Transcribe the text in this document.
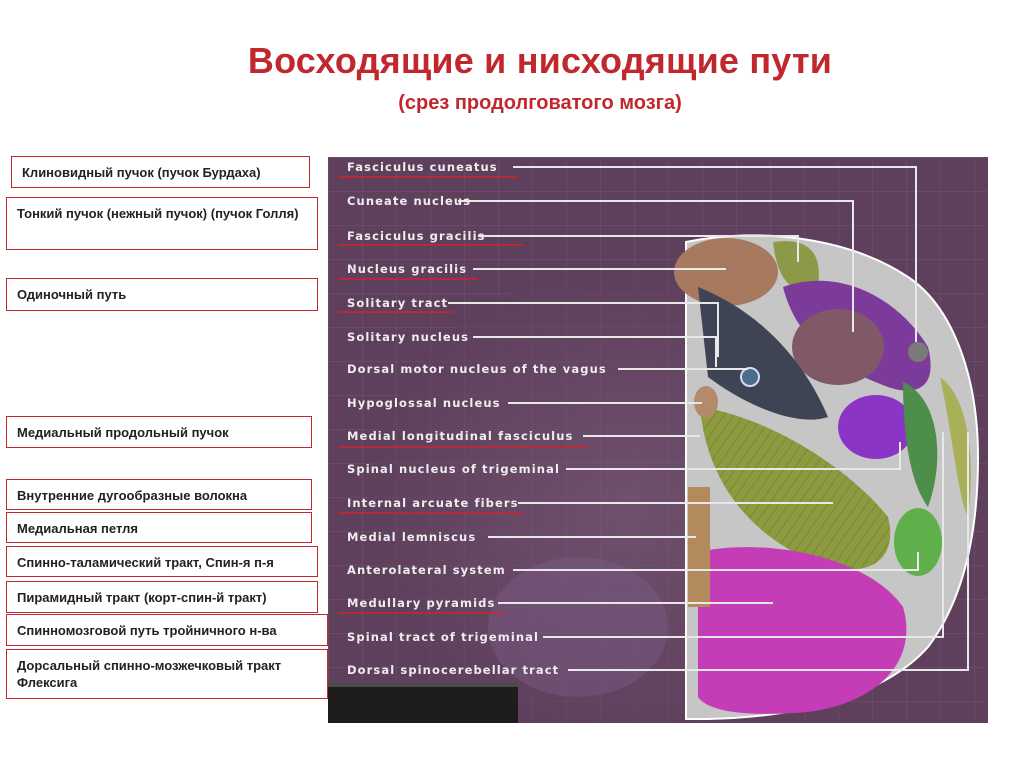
Восходящие и нисходящие пути
(срез продолговатого мозга)
Клиновидный пучок (пучок Бурдаха)
Тонкий пучок (нежный пучок) (пучок Голля)
Одиночный путь
Медиальный продольный пучок
Внутренние дугообразные волокна
Медиальная петля
Спинно-таламический тракт, Спин-я п-я
Пирамидный тракт (корт-спин-й тракт)
Спинномозговой путь тройничного н-ва
Дорсальный спинно-мозжечковый тракт Флексига
Fasciculus cuneatus
Cuneate nucleus
Fasciculus gracilis
Nucleus gracilis
Solitary tract
Solitary nucleus
Dorsal motor nucleus of the vagus
Hypoglossal nucleus
Medial longitudinal fasciculus
Spinal nucleus of trigeminal
Internal arcuate fibers
Medial lemniscus
Anterolateral system
Medullary pyramids
Spinal tract of trigeminal
Dorsal spinocerebellar tract
